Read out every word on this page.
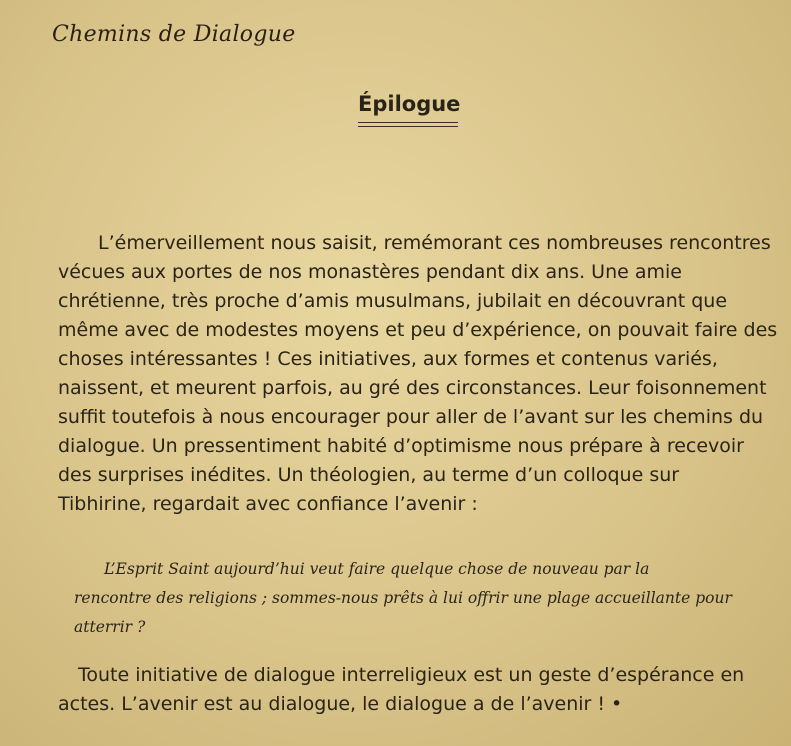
Chemins de Dialogue
Épilogue
L’émerveillement nous saisit, remémorant ces nombreuses rencontres
vécues aux portes de nos monastères pendant dix ans. Une amie
chrétienne, très proche d’amis musulmans, jubilait en découvrant que
même avec de modestes moyens et peu d’expérience, on pouvait faire des
choses intéressantes ! Ces initiatives, aux formes et contenus variés,
naissent, et meurent parfois, au gré des circonstances. Leur foisonnement
suffit toutefois à nous encourager pour aller de l’avant sur les chemins du
dialogue. Un pressentiment habité d’optimisme nous prépare à recevoir
des surprises inédites. Un théologien, au terme d’un colloque sur
Tibhirine, regardait avec confiance l’avenir :
L’Esprit Saint aujourd’hui veut faire quelque chose de nouveau par la
rencontre des religions ; sommes-nous prêts à lui offrir une plage accueillante pour
atterrir ?
Toute initiative de dialogue interreligieux est un geste d’espérance en
actes. L’avenir est au dialogue, le dialogue a de l’avenir ! •
